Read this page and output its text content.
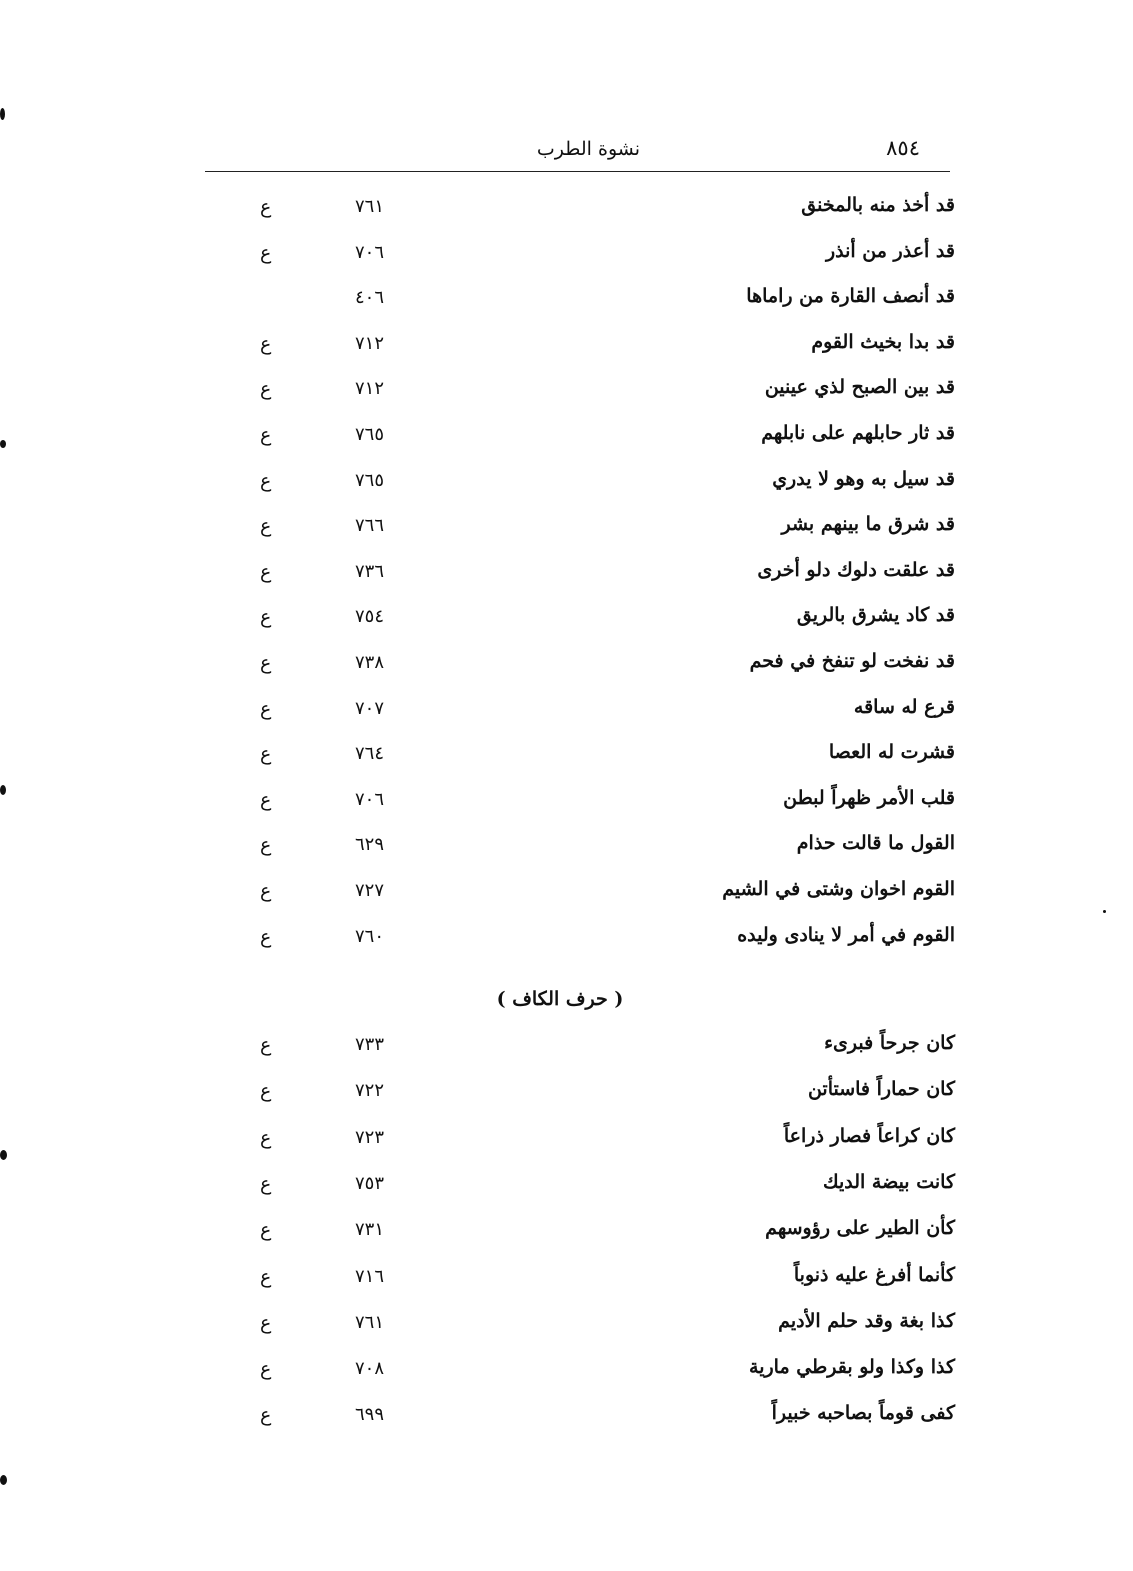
٨٥٤
نشوة الطرب
قد أخذ منه بالمخنق
٧٦١
ع
قد أعذر من أنذر
٧٠٦
ع
قد أنصف القارة من راماها
٤٠٦
قد بدا بخيث القوم
٧١٢
ع
قد بين الصبح لذي عينين
٧١٢
ع
قد ثار حابلهم على نابلهم
٧٦٥
ع
قد سيل به وهو لا يدري
٧٦٥
ع
قد شرق ما بينهم بشر
٧٦٦
ع
قد علقت دلوك دلو أخرى
٧٣٦
ع
قد كاد يشرق بالريق
٧٥٤
ع
قد نفخت لو تنفخ في فحم
٧٣٨
ع
قرع له ساقه
٧٠٧
ع
قشرت له العصا
٧٦٤
ع
قلب الأمر ظهراً لبطن
٧٠٦
ع
القول ما قالت حذام
٦٢٩
ع
القوم اخوان وشتى في الشيم
٧٢٧
ع
القوم في أمر لا ينادى وليده
٧٦٠
ع
( حرف الكاف )
كان جرحاً فبرىء
٧٣٣
ع
كان حماراً فاستأتن
٧٢٢
ع
كان كراعاً فصار ذراعاً
٧٢٣
ع
كانت بيضة الديك
٧٥٣
ع
كأن الطير على رؤوسهم
٧٣١
ع
كأنما أفرغ عليه ذنوباً
٧١٦
ع
كذا بغة وقد حلم الأديم
٧٦١
ع
كذا وكذا ولو بقرطي مارية
٧٠٨
ع
كفى قوماً بصاحبه خبيراً
٦٩٩
ع
